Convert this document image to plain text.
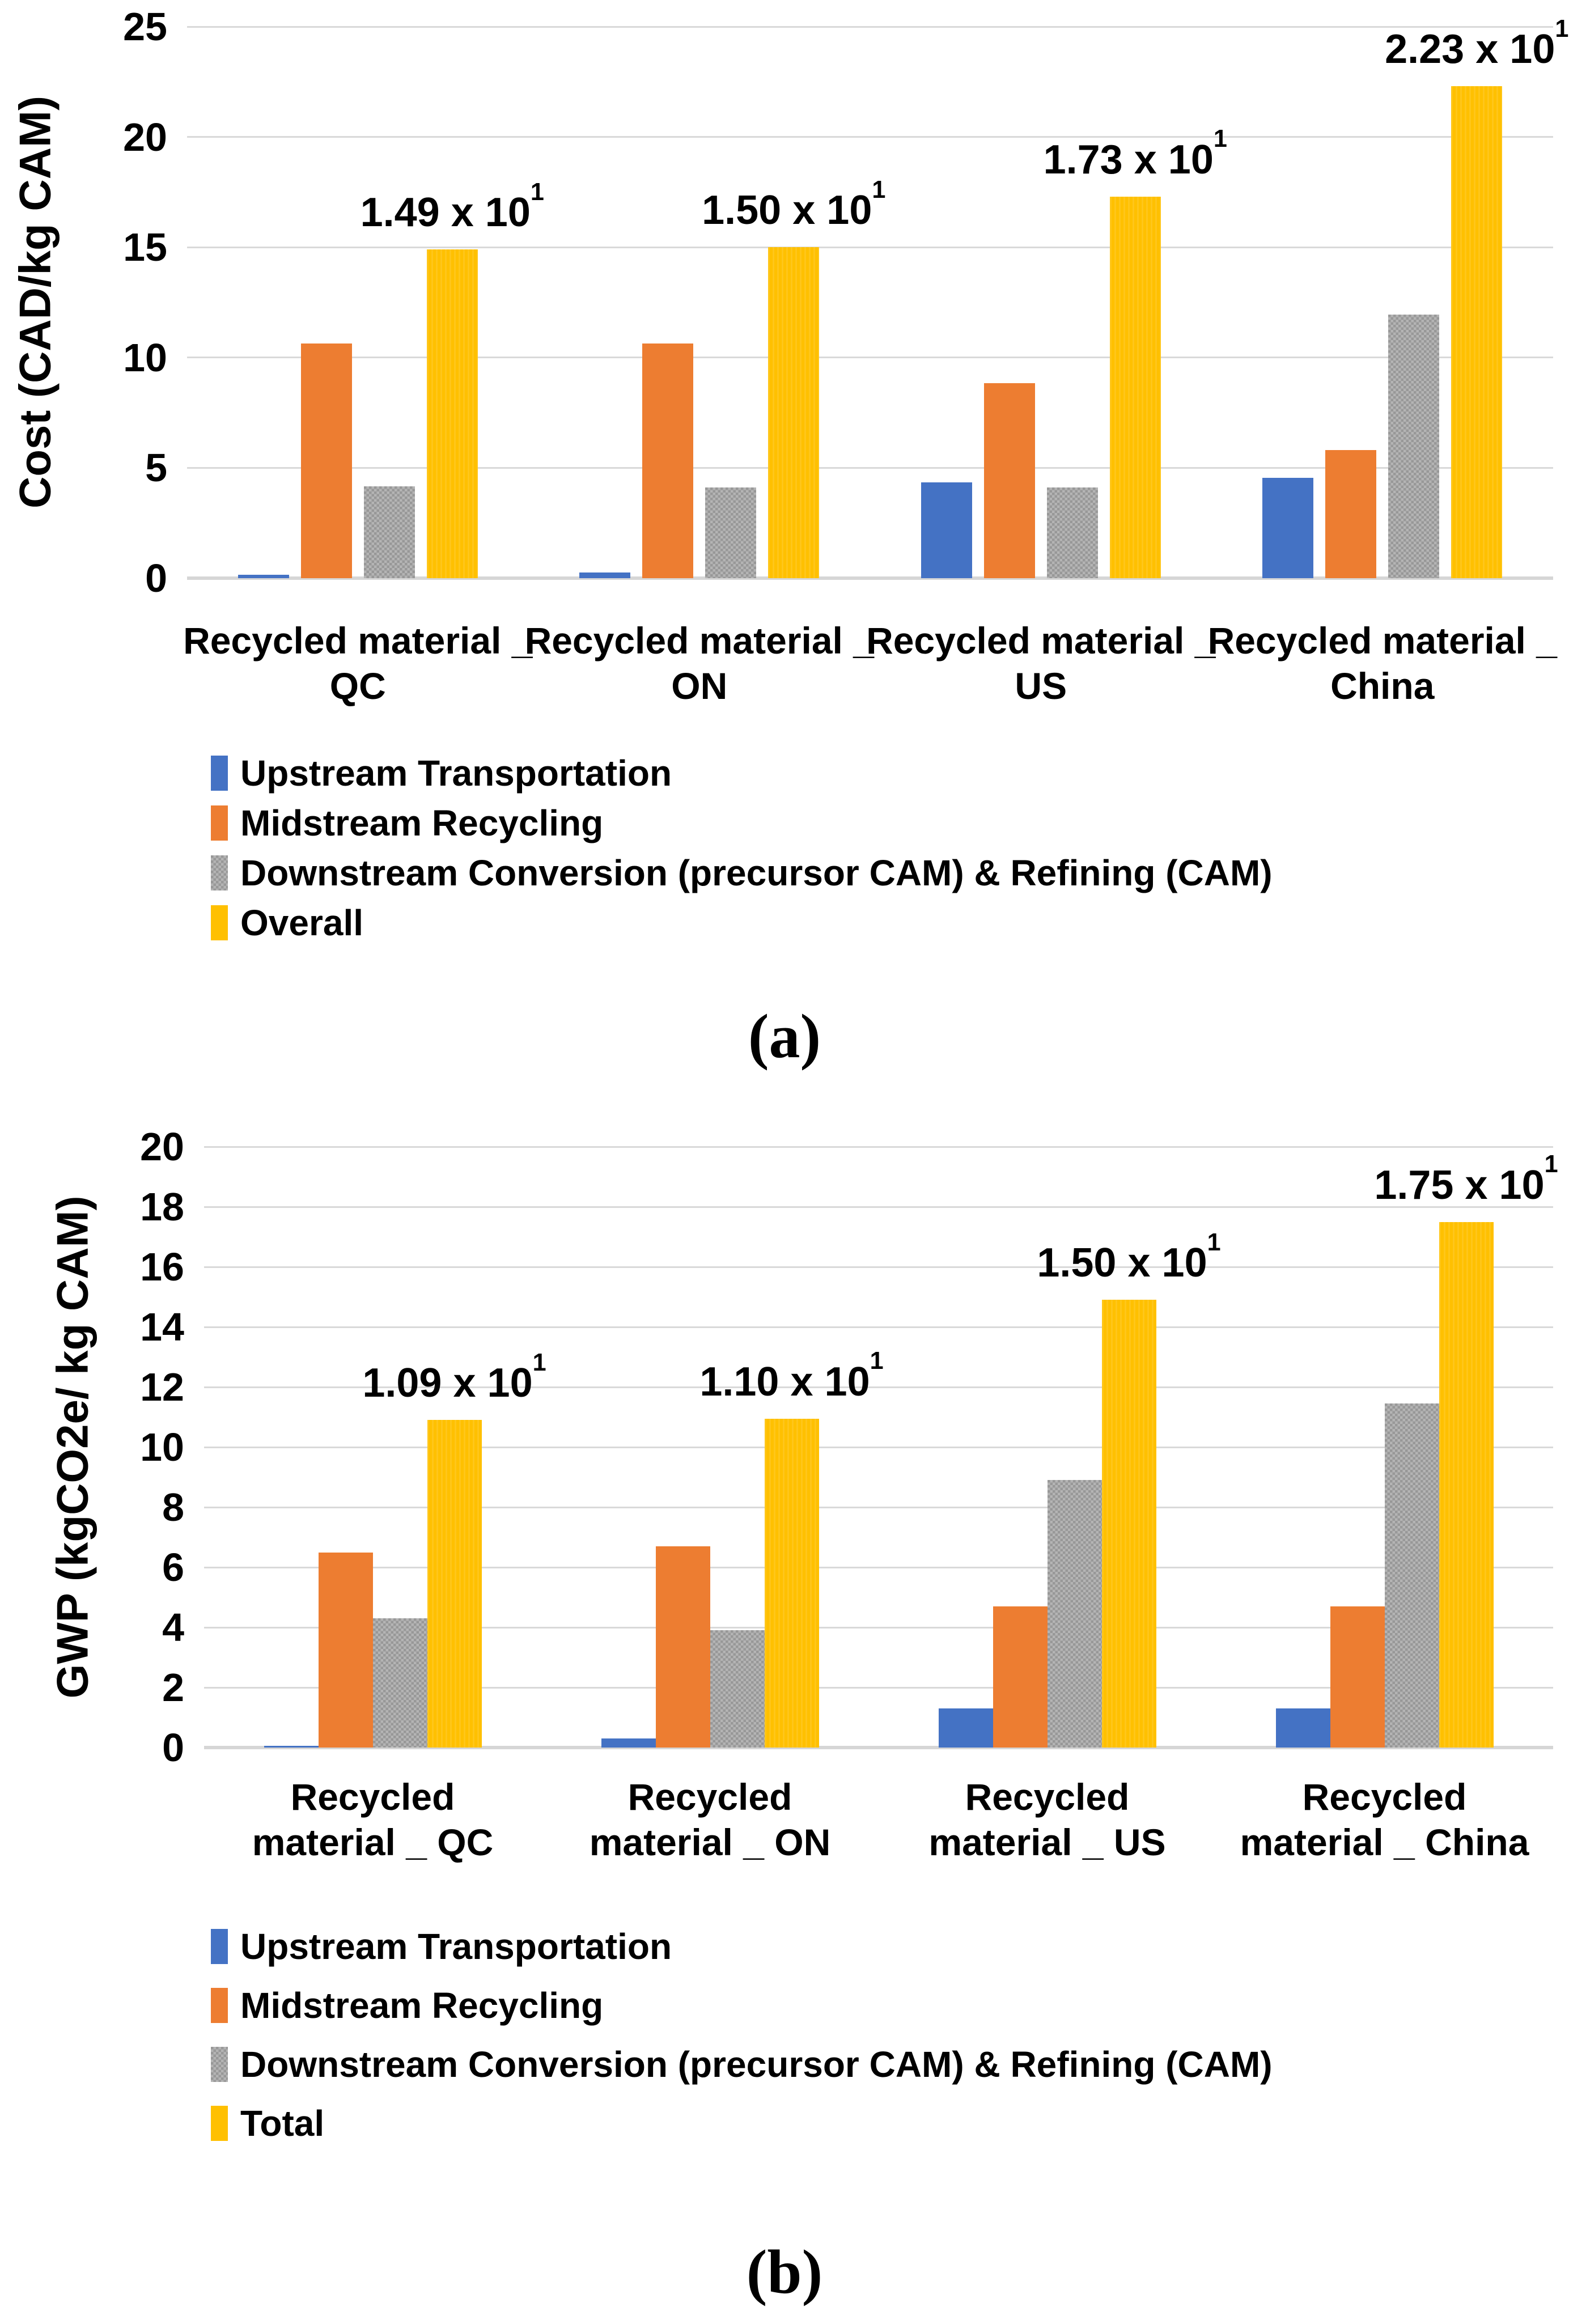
Cost (CAD/kg CAM)	1.49 x $10^1$	1.50 x $10^1$
1.73 x $10^1$
2.23 x $10^1$
0
5
10
15
20
25
Recycled material _
QC
Recycled material _
ON
Recycled material _
US
Recycled material _
China
Upstream Transportation
Midstream Recycling
Downstream Conversion (precursor CAM) & Refining (CAM)
Overall
(a)
GWP (kgCO2e/ kg CAM)	1.09 x $10^1$	1.10 x $10^1$
1.50 x $10^1$
1.75 x $10^1$
0
2
4
6
8
10
12
14
16
18
20
Recycled
material _ QC
Recycled
material _ ON
Recycled
material _ US
Recycled
material _ China
Upstream Transportation
Midstream Recycling
Downstream Conversion (precursor CAM) & Refining (CAM)
Total
(b)
